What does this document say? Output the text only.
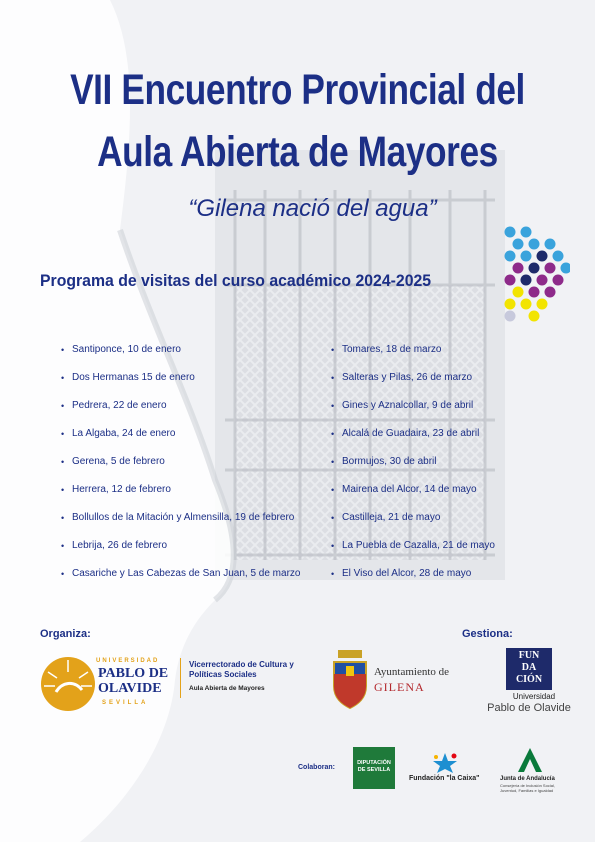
VII Encuentro Provincial del
Aula Abierta de Mayores
“Gilena nació del agua”
Programa de visitas del curso académico 2024-2025
• Santiponce, 10 de enero
• Dos Hermanas 15 de enero
• Pedrera, 22 de enero
• La Algaba, 24 de enero
• Gerena, 5 de febrero
• Herrera, 12 de febrero
• Bollullos de la Mitación y Almensilla, 19 de febrero
• Lebrija, 26 de febrero
• Casariche y Las Cabezas de San Juan, 5 de marzo
• Tomares, 18 de marzo
• Salteras y Pilas, 26 de marzo
• Gines y Aznalcollar, 9 de abril
• Alcalá de Guadaira, 23 de abril
• Bormujos, 30 de abril
• Mairena del Alcor, 14 de mayo
• Castilleja, 21 de mayo
• La Puebla de Cazalla, 21 de mayo
• El Viso del Alcor, 28 de mayo
Organiza:	Gestiona:
UNIVERSIDAD
PABLO DE
OLAVIDE
SEVILLA
Vicerrectorado de Cultura y
Políticas Sociales
Aula Abierta de Mayores
Ayuntamiento de
GILENA
FUN
DA
CIÓN
Universidad
Pablo de Olavide
Colaboran:
DIPUTACIÓN DE SEVILLA
Fundación "la Caixa"	Junta de Andalucía
Consejería de Inclusión Social, Juventud, Familias e Igualdad
